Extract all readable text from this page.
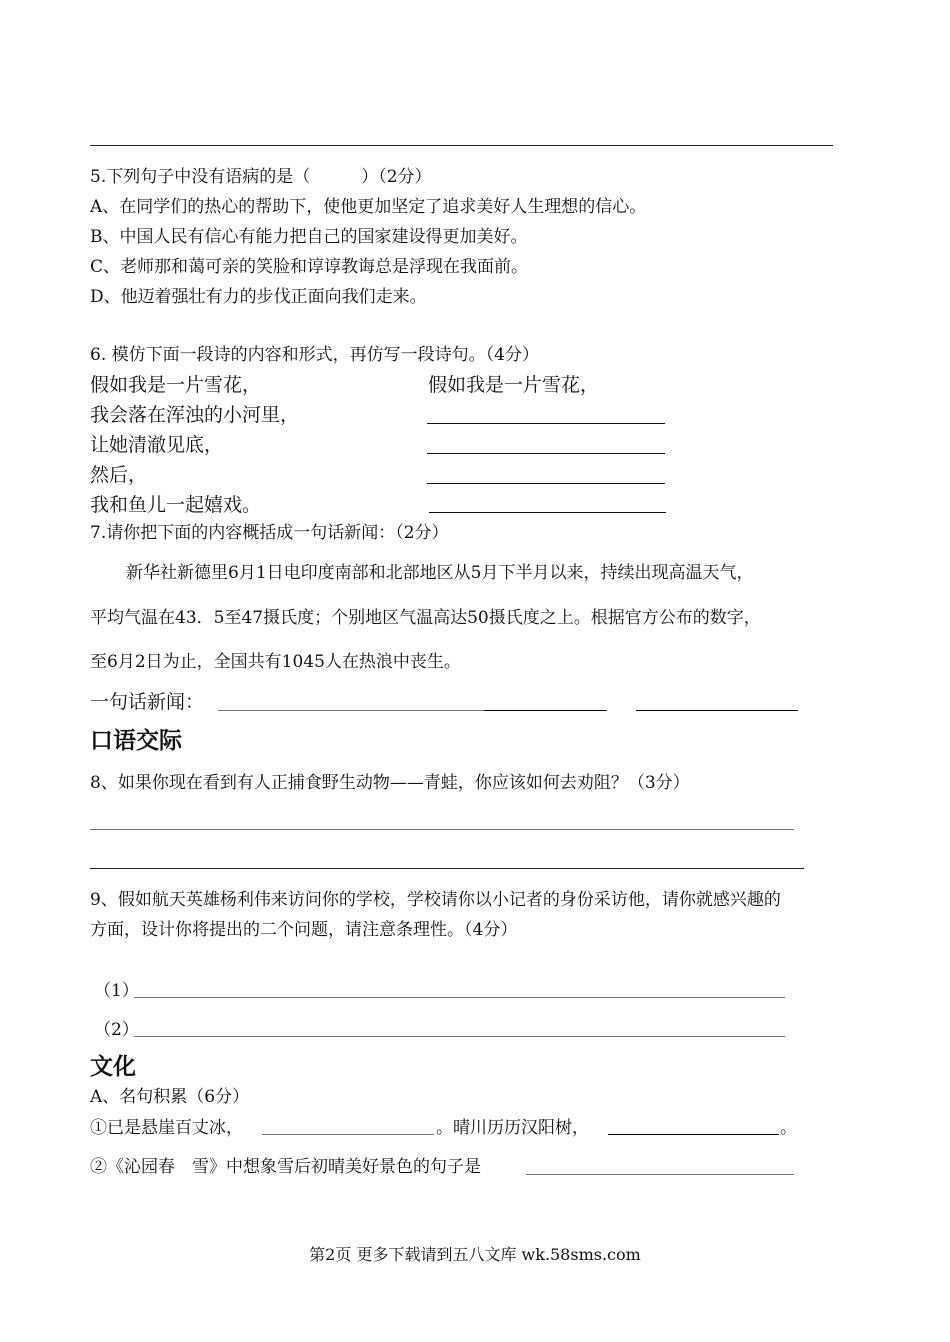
5.下列句子中没有语病的是（　　　）（2分）
A、在同学们的热心的帮助下，使他更加坚定了追求美好人生理想的信心。
B、中国人民有信心有能力把自己的国家建设得更加美好。
C、老师那和蔼可亲的笑脸和谆谆教诲总是浮现在我面前。
D、他迈着强壮有力的步伐正面向我们走来。
6. 模仿下面一段诗的内容和形式，再仿写一段诗句。（4分）
假如我是一片雪花，
我会落在浑浊的小河里，
让她清澈见底，
然后，
我和鱼儿一起嬉戏。
假如我是一片雪花，
7.请你把下面的内容概括成一句话新闻：（2分）
新华社新德里6月1日电印度南部和北部地区从5月下半月以来，持续出现高温天气，
平均气温在43．5至47摄氏度；个别地区气温高达50摄氏度之上。根据官方公布的数字，
至6月2日为止，全国共有1045人在热浪中丧生。
一句话新闻：
口语交际
8、如果你现在看到有人正捕食野生动物——青蛙，你应该如何去劝阻？（3分）
9、假如航天英雄杨利伟来访问你的学校，学校请你以小记者的身份采访他，请你就感兴趣的
方面，设计你将提出的二个问题，请注意条理性。（4分）
（1）
（2）
文化
A、名句积累（6分）
①已是悬崖百丈冰，	。晴川历历汉阳树，	。
②《沁园春　雪》中想象雪后初晴美好景色的句子是
第2页 更多下载请到五八文库 wk.58sms.com
